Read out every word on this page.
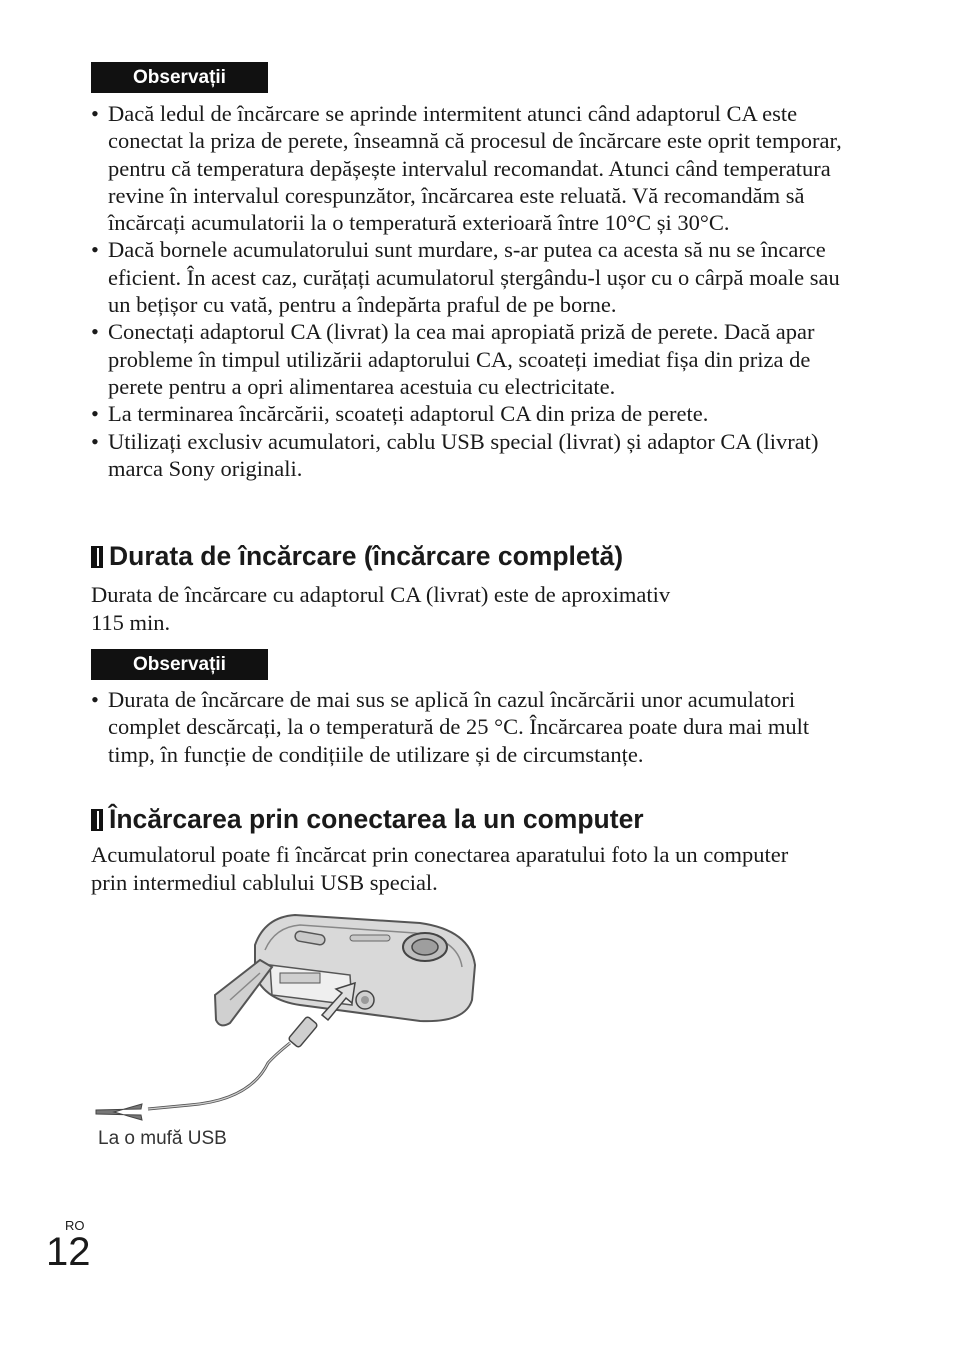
Observații
• Dacă ledul de încărcare se aprinde intermitent atunci când adaptorul CA este conectat la priza de perete, înseamnă că procesul de încărcare este oprit temporar, pentru că temperatura depășește intervalul recomandat. Atunci când temperatura revine în intervalul corespunzător, încărcarea este reluată. Vă recomandăm să încărcați acumulatorii la o temperatură exterioară între 10°C și 30°C.
• Dacă bornele acumulatorului sunt murdare, s-ar putea ca acesta să nu se încarce eficient. În acest caz, curățați acumulatorul ștergându-l ușor cu o cârpă moale sau un bețișor cu vată, pentru a îndepărta praful de pe borne.
• Conectați adaptorul CA (livrat) la cea mai apropiată priză de perete. Dacă apar probleme în timpul utilizării adaptorului CA, scoateți imediat fișa din priza de perete pentru a opri alimentarea acestuia cu electricitate.
• La terminarea încărcării, scoateți adaptorul CA din priza de perete.
• Utilizați exclusiv acumulatori, cablu USB special (livrat) și adaptor CA (livrat) marca Sony originali.
Durata de încărcare (încărcare completă)

Durata de încărcare cu adaptorul CA (livrat) este de aproximativ
115 min.

Observații
• Durata de încărcare de mai sus se aplică în cazul încărcării unor acumulatori complet descărcați, la o temperatură de 25 °C. Încărcarea poate dura mai mult timp, în funcție de condițiile de utilizare și de circumstanțe.
Încărcarea prin conectarea la un computer

Acumulatorul poate fi încărcat prin conectarea aparatului foto la un computer prin intermediul cablului USB special.

La o mufă USB
RO
12
